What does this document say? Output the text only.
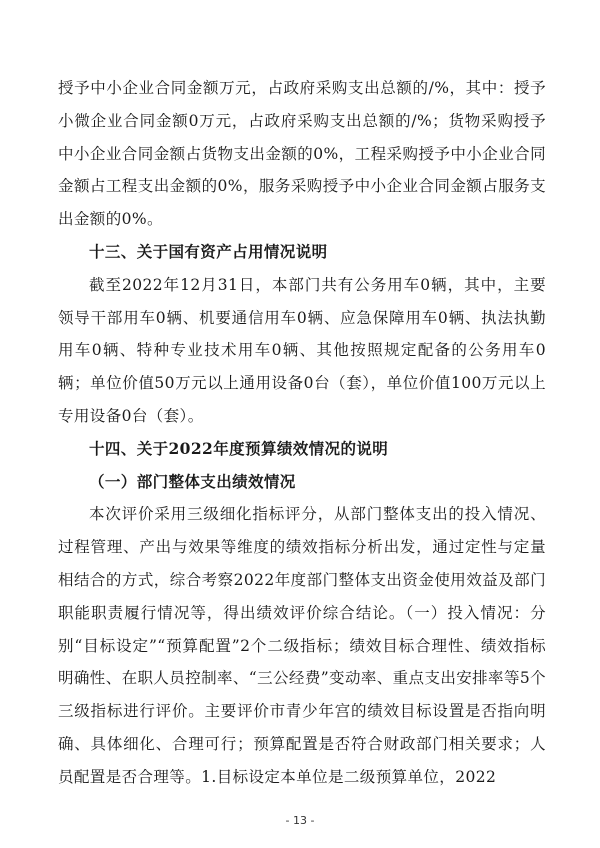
授予中小企业合同金额万元，占政府采购支出总额的/%，其中：授予小微企业合同金额0万元，占政府采购支出总额的/%；货物采购授予中小企业合同金额占货物支出金额的0%，工程采购授予中小企业合同金额占工程支出金额的0%，服务采购授予中小企业合同金额占服务支出金额的0%。

十三、关于国有资产占用情况说明

截至2022年12月31日，本部门共有公务用车0辆，其中，主要领导干部用车0辆、机要通信用车0辆、应急保障用车0辆、执法执勤用车0辆、特种专业技术用车0辆、其他按照规定配备的公务用车0辆；单位价值50万元以上通用设备0台（套），单位价值100万元以上专用设备0台（套）。

十四、关于2022年度预算绩效情况的说明

（一）部门整体支出绩效情况

本次评价采用三级细化指标评分，从部门整体支出的投入情况、过程管理、产出与效果等维度的绩效指标分析出发，通过定性与定量相结合的方式，综合考察2022年度部门整体支出资金使用效益及部门职能职责履行情况等，得出绩效评价综合结论。（一）投入情况：分别“目标设定”“预算配置”2个二级指标；绩效目标合理性、绩效指标明确性、在职人员控制率、“三公经费”变动率、重点支出安排率等5个三级指标进行评价。主要评价市青少年宫的绩效目标设置是否指向明确、具体细化、合理可行；预算配置是否符合财政部门相关要求；人员配置是否合理等。1.目标设定本单位是二级预算单位，2022

- 13 -
